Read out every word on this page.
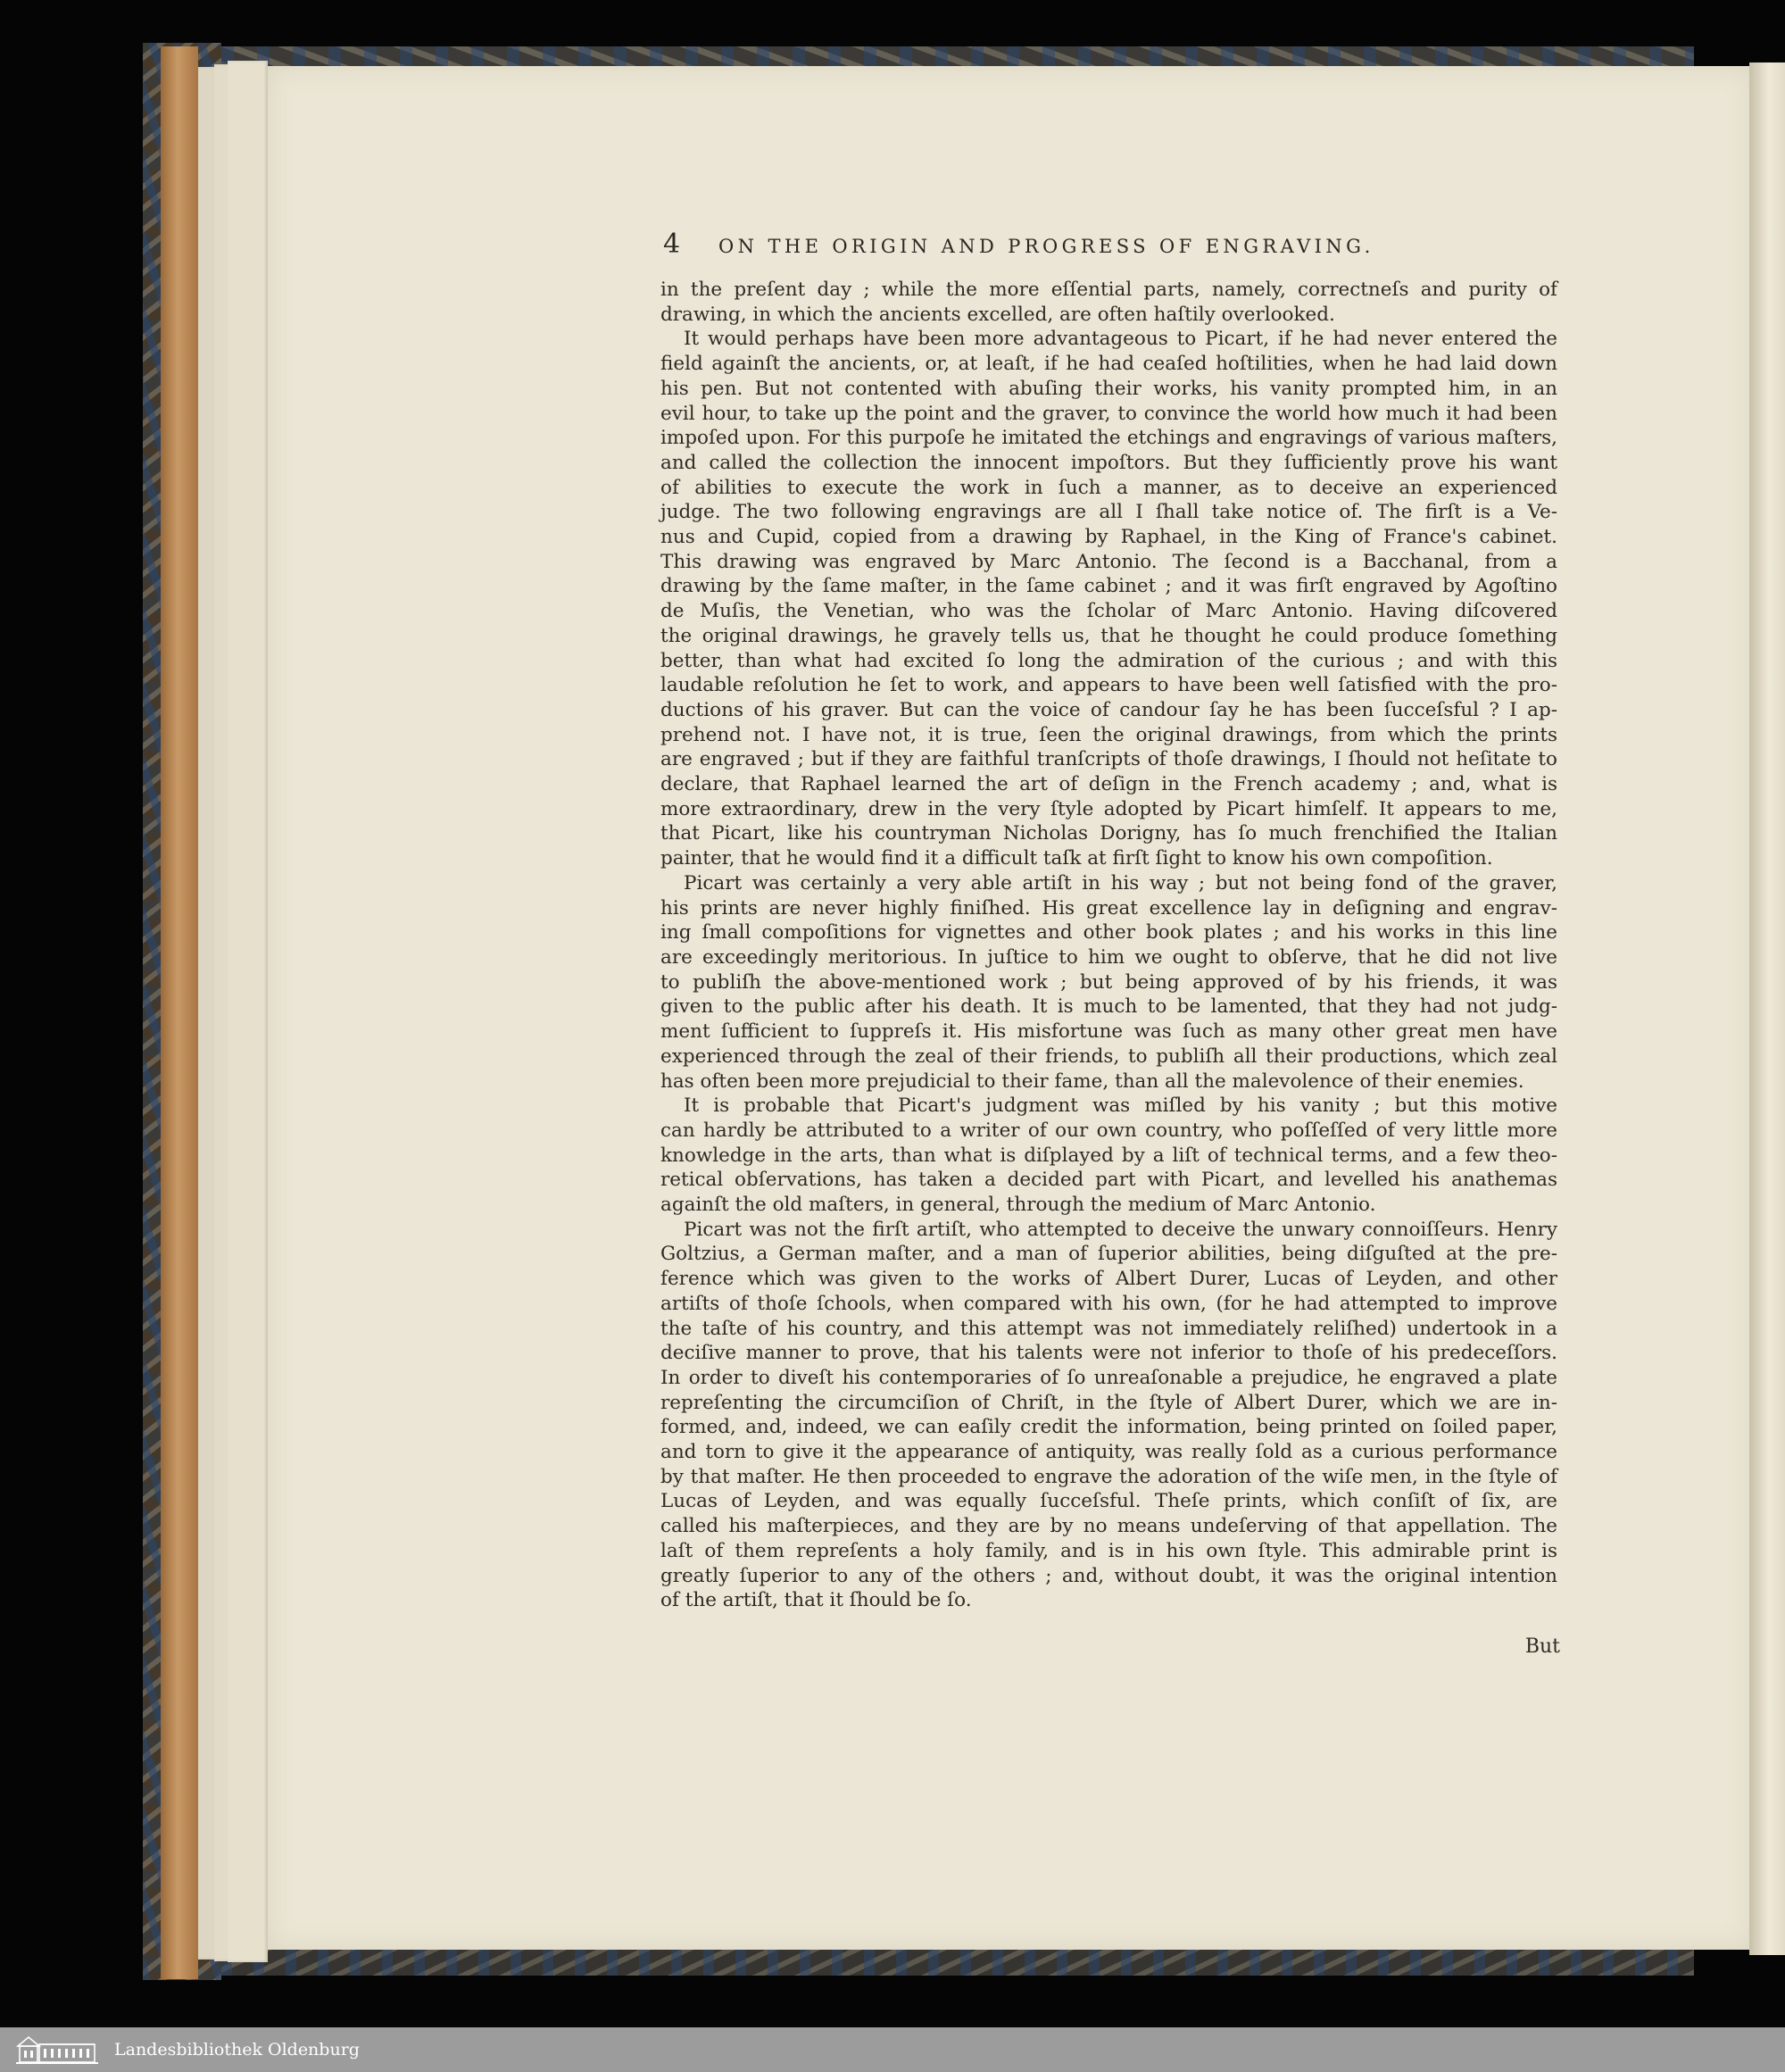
4	ON THE ORIGIN AND PROGRESS OF ENGRAVING.
in the preſent day ; while the more eſſential parts, namely, correctneſs and purity of
drawing, in which the ancients excelled, are often haſtily overlooked.
It would perhaps have been more advantageous to Picart, if he had never entered the
field againſt the ancients, or, at leaſt, if he had ceaſed hoſtilities, when he had laid down
his pen. But not contented with abuſing their works, his vanity prompted him, in an
evil hour, to take up the point and the graver, to convince the world how much it had been
impoſed upon. For this purpoſe he imitated the etchings and engravings of various maſters,
and called the collection the innocent impoſtors. But they ſufficiently prove his want
of abilities to execute the work in ſuch a manner, as to deceive an experienced
judge. The two following engravings are all I ſhall take notice of. The firſt is a Ve-
nus and Cupid, copied from a drawing by Raphael, in the King of France's cabinet.
This drawing was engraved by Marc Antonio. The ſecond is a Bacchanal, from a
drawing by the ſame maſter, in the ſame cabinet ; and it was firſt engraved by Agoſtino
de Muſis, the Venetian, who was the ſcholar of Marc Antonio. Having diſcovered
the original drawings, he gravely tells us, that he thought he could produce ſomething
better, than what had excited ſo long the admiration of the curious ; and with this
laudable reſolution he ſet to work, and appears to have been well ſatisfied with the pro-
ductions of his graver. But can the voice of candour ſay he has been ſucceſsful ? I ap-
prehend not. I have not, it is true, ſeen the original drawings, from which the prints
are engraved ; but if they are faithful tranſcripts of thoſe drawings, I ſhould not heſitate to
declare, that Raphael learned the art of deſign in the French academy ; and, what is
more extraordinary, drew in the very ſtyle adopted by Picart himſelf. It appears to me,
that Picart, like his countryman Nicholas Dorigny, has ſo much frenchified the Italian
painter, that he would find it a difficult taſk at firſt ſight to know his own compoſition.
Picart was certainly a very able artiſt in his way ; but not being fond of the graver,
his prints are never highly finiſhed. His great excellence lay in deſigning and engrav-
ing ſmall compoſitions for vignettes and other book plates ; and his works in this line
are exceedingly meritorious. In juſtice to him we ought to obſerve, that he did not live
to publiſh the above-mentioned work ; but being approved of by his friends, it was
given to the public after his death. It is much to be lamented, that they had not judg-
ment ſufficient to ſuppreſs it. His misfortune was ſuch as many other great men have
experienced through the zeal of their friends, to publiſh all their productions, which zeal
has often been more prejudicial to their fame, than all the malevolence of their enemies.
It is probable that Picart's judgment was miſled by his vanity ; but this motive
can hardly be attributed to a writer of our own country, who poſſeſſed of very little more
knowledge in the arts, than what is diſplayed by a liſt of technical terms, and a few theo-
retical obſervations, has taken a decided part with Picart, and levelled his anathemas
againſt the old maſters, in general, through the medium of Marc Antonio.
Picart was not the firſt artiſt, who attempted to deceive the unwary connoiſſeurs. Henry
Goltzius, a German maſter, and a man of ſuperior abilities, being diſguſted at the pre-
ference which was given to the works of Albert Durer, Lucas of Leyden, and other
artiſts of thoſe ſchools, when compared with his own, (for he had attempted to improve
the taſte of his country, and this attempt was not immediately reliſhed) undertook in a
deciſive manner to prove, that his talents were not inferior to thoſe of his predeceſſors.
In order to diveſt his contemporaries of ſo unreaſonable a prejudice, he engraved a plate
repreſenting the circumciſion of Chriſt, in the ſtyle of Albert Durer, which we are in-
formed, and, indeed, we can eaſily credit the information, being printed on ſoiled paper,
and torn to give it the appearance of antiquity, was really ſold as a curious performance
by that maſter. He then proceeded to engrave the adoration of the wiſe men, in the ſtyle of
Lucas of Leyden, and was equally ſucceſsful. Theſe prints, which conſiſt of ſix, are
called his maſterpieces, and they are by no means undeſerving of that appellation. The
laſt of them repreſents a holy family, and is in his own ſtyle. This admirable print is
greatly ſuperior to any of the others ; and, without doubt, it was the original intention
of the artiſt, that it ſhould be ſo.
But
Landesbibliothek Oldenburg
